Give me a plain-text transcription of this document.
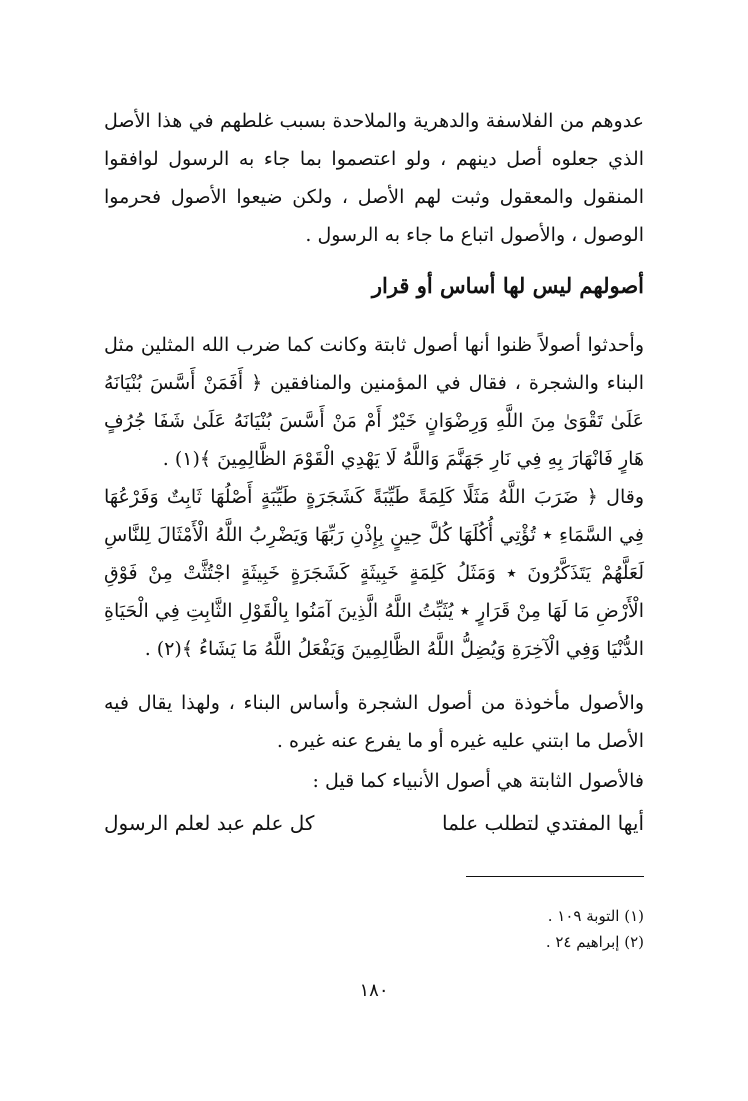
عدوهم من الفلاسفة والدهرية والملاحدة بسبب غلطهم في هذا الأصل الذي جعلوه أصل دينهم ، ولو اعتصموا بما جاء به الرسول لوافقوا المنقول والمعقول وثبت لهم الأصل ، ولكن ضيعوا الأصول فحرموا الوصول ، والأصول اتباع ما جاء به الرسول .

أصولهم ليس لها أساس أو قرار

وأحدثوا أصولاً ظنوا أنها أصول ثابتة وكانت كما ضرب الله المثلين مثل البناء والشجرة ، فقال في المؤمنين والمنافقين ﴿ أَفَمَنْ أَسَّسَ بُنْيَانَهُ عَلَىٰ تَقْوَىٰ مِنَ اللَّهِ وَرِضْوَانٍ خَيْرٌ أَمْ مَنْ أَسَّسَ بُنْيَانَهُ عَلَىٰ شَفَا جُرُفٍ هَارٍ فَانْهَارَ بِهِ فِي نَارِ جَهَنَّمَ وَاللَّهُ لَا يَهْدِي الْقَوْمَ الظَّالِمِينَ ﴾(١) .

وقال ﴿ ضَرَبَ اللَّهُ مَثَلًا كَلِمَةً طَيِّبَةً كَشَجَرَةٍ طَيِّبَةٍ أَصْلُهَا ثَابِتٌ وَفَرْعُهَا فِي السَّمَاءِ ٭ تُؤْتِي أُكُلَهَا كُلَّ حِينٍ بِإِذْنِ رَبِّهَا وَيَضْرِبُ اللَّهُ الْأَمْثَالَ لِلنَّاسِ لَعَلَّهُمْ يَتَذَكَّرُونَ ٭ وَمَثَلُ كَلِمَةٍ خَبِيثَةٍ كَشَجَرَةٍ خَبِيثَةٍ اجْتُثَّتْ مِنْ فَوْقِ الْأَرْضِ مَا لَهَا مِنْ قَرَارٍ ٭ يُثَبِّتُ اللَّهُ الَّذِينَ آمَنُوا بِالْقَوْلِ الثَّابِتِ فِي الْحَيَاةِ الدُّنْيَا وَفِي الْآخِرَةِ وَيُضِلُّ اللَّهُ الظَّالِمِينَ وَيَفْعَلُ اللَّهُ مَا يَشَاءُ ﴾(٢) .

والأصول مأخوذة من أصول الشجرة وأساس البناء ، ولهذا يقال فيه الأصل ما ابتني عليه غيره أو ما يفرع عنه غيره .

فالأصول الثابتة هي أصول الأنبياء كما قيل :

أيها المفتدي لتطلب علما
كل علم عبد لعلم الرسول
(١) التوبة ١٠٩ .
(٢) إبراهيم ٢٤ .
١٨٠
